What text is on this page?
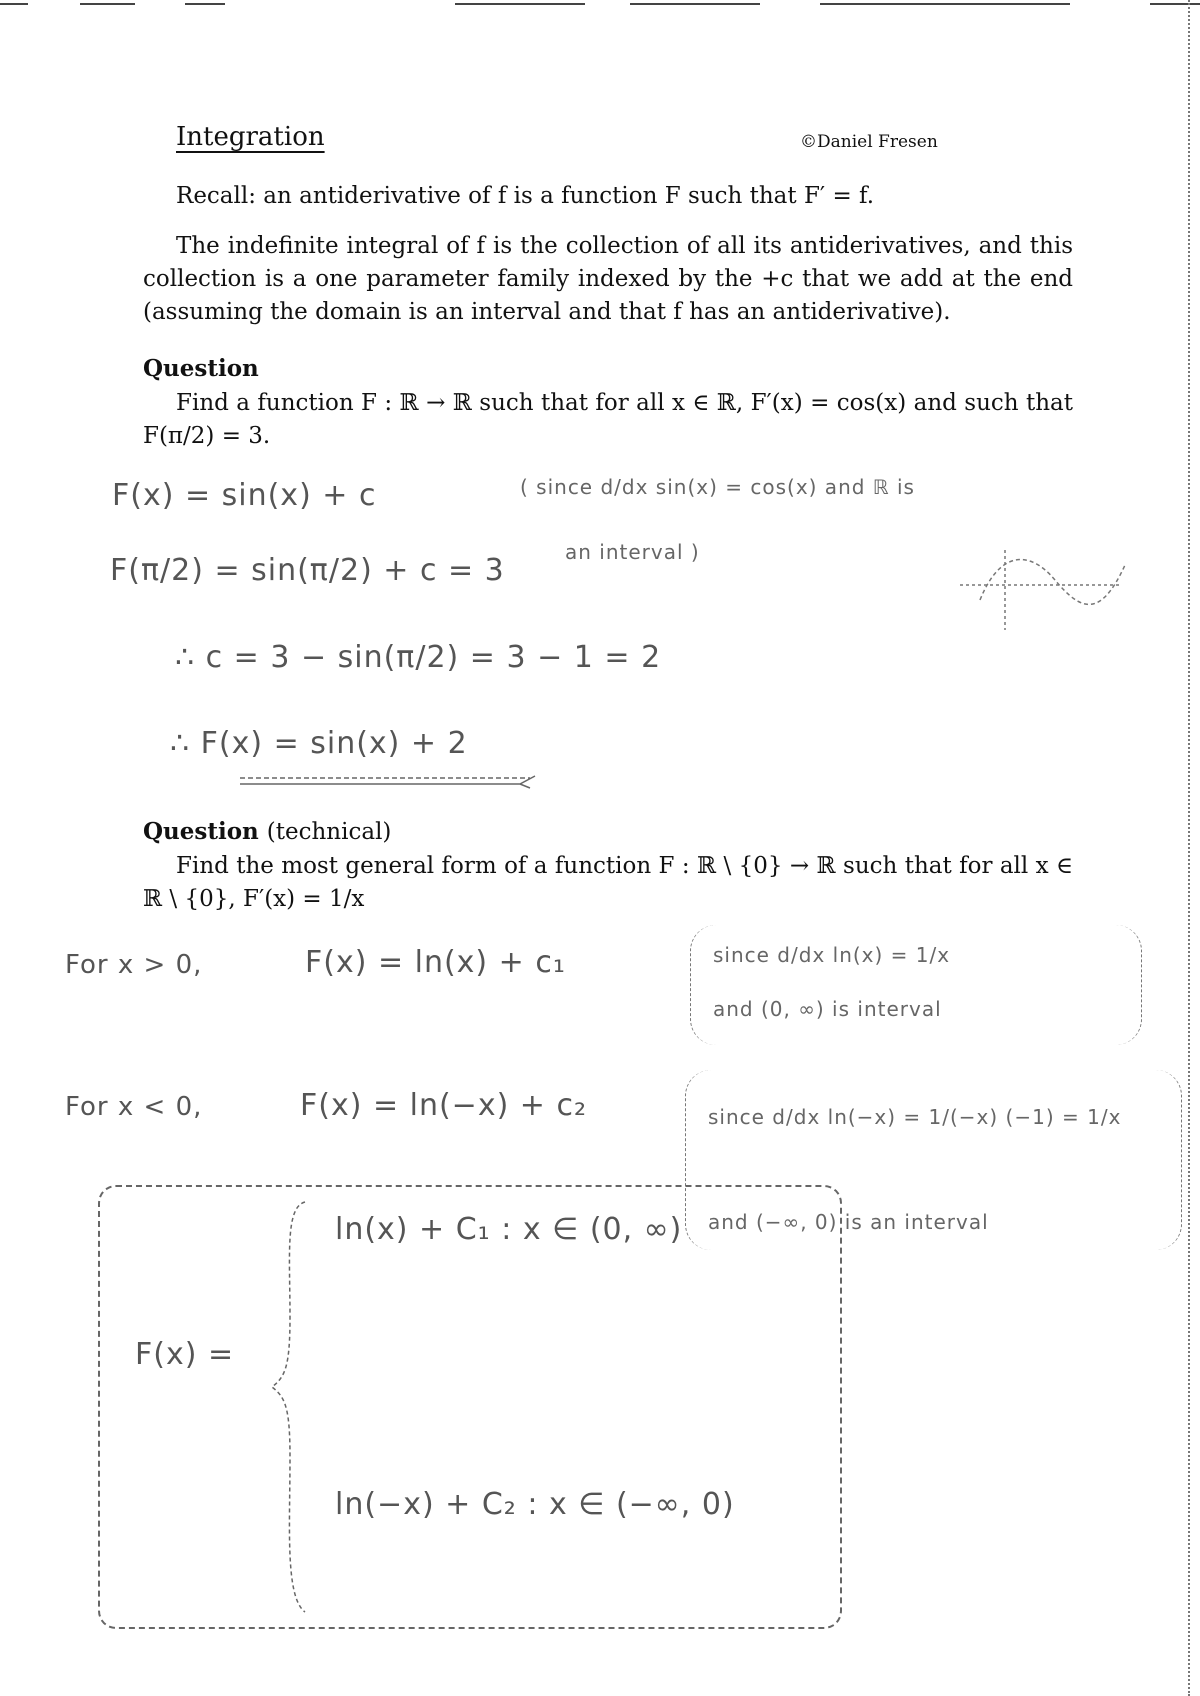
Integration	©Daniel Fresen
Recall: an antiderivative of f is a function F such that F′ = f.
The indefinite integral of f is the collection of all its antiderivatives, and this collection is a one parameter family indexed by the +c that we add at the end (assuming the domain is an interval and that f has an antiderivative).
Question
Find a function F : ℝ → ℝ such that for all x ∈ ℝ, F′(x) = cos(x) and such that F(π/2) = 3.
F(x) = sin(x) + c	( since d/dx sin(x) = cos(x) and ℝ is
an interval )
F(π/2) = sin(π/2) + c = 3
∴ c = 3 − sin(π/2) = 3 − 1 = 2
∴ F(x) = sin(x) + 2
Question (technical)
Find the most general form of a function F : ℝ \ {0} → ℝ such that for all x ∈ ℝ \ {0}, F′(x) = 1/x
For x > 0,	F(x) = ln(x) + c₁	since d/dx ln(x) = 1/x
and (0, ∞) is interval
For x < 0,	F(x) = ln(−x) + c₂	since d/dx ln(−x) = 1/(−x) (−1) = 1/x
and (−∞, 0) is an interval
F(x) =
ln(x) + C₁ : x ∈ (0, ∞)
ln(−x) + C₂ : x ∈ (−∞, 0)
